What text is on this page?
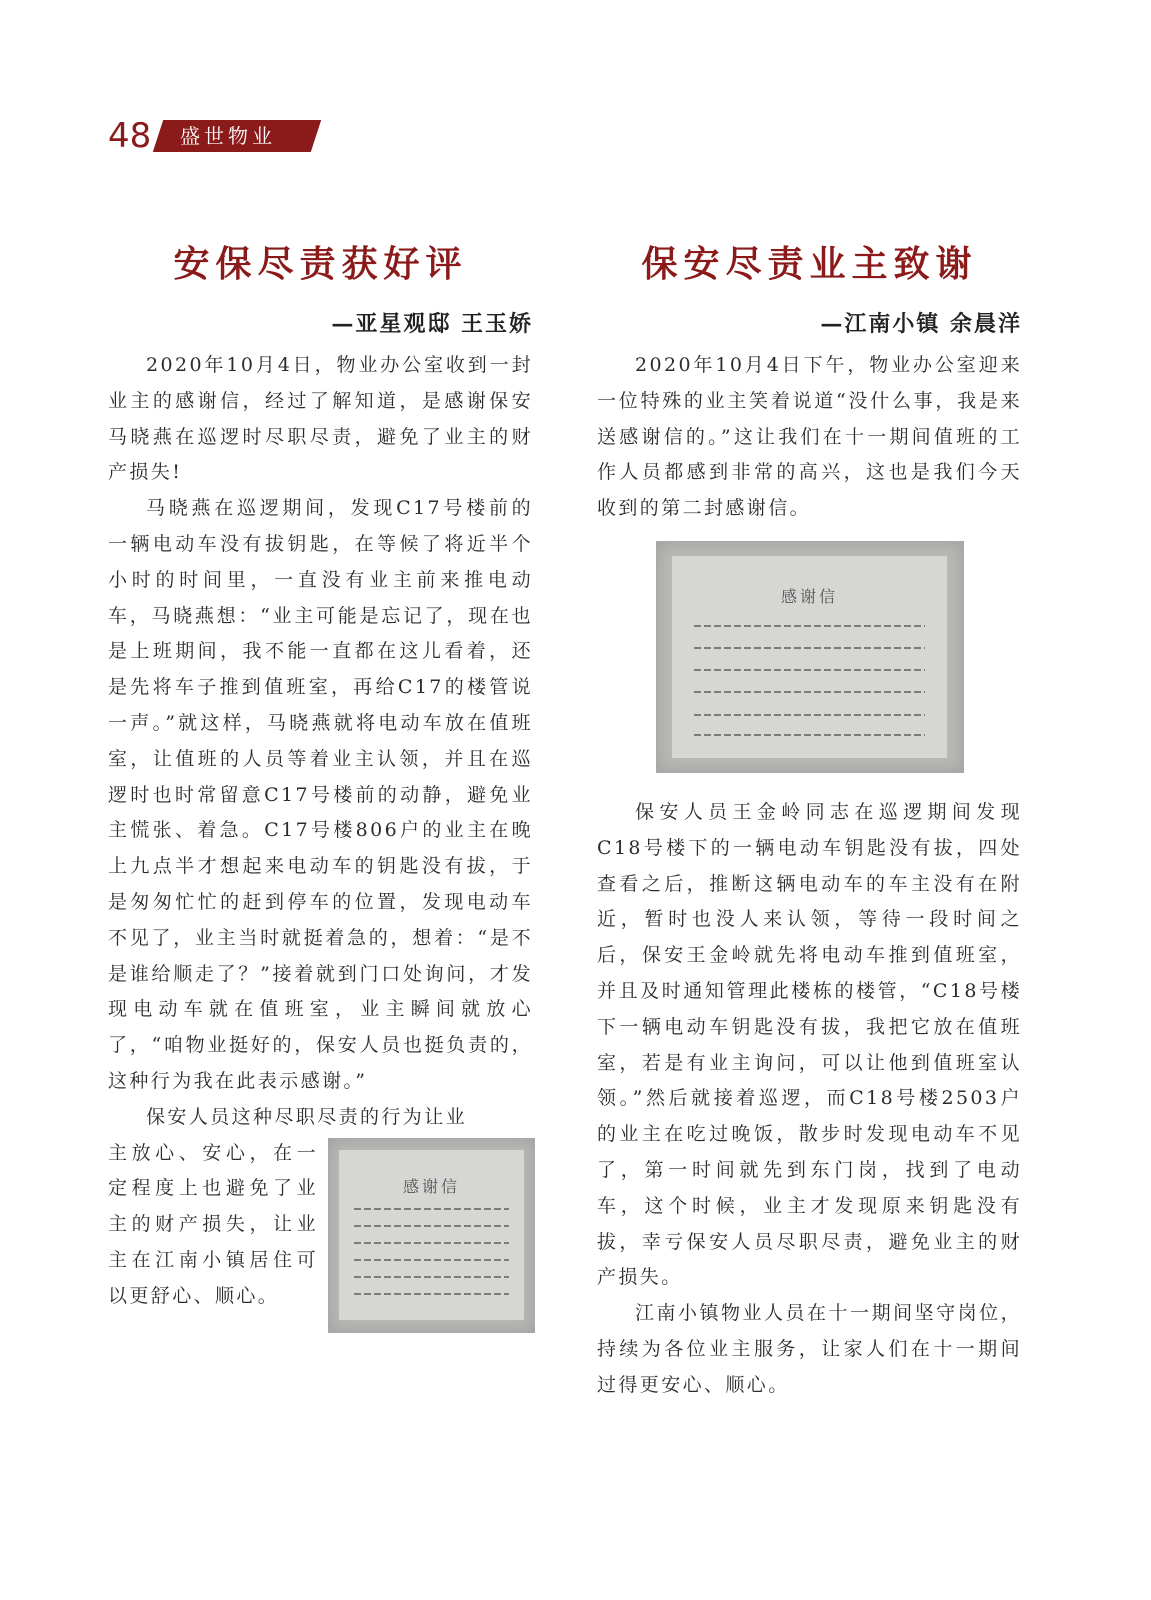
48 盛世物业
安保尽责获好评
—亚星观邸 王玉娇

2020年10月4日，物业办公室收到一封业主的感谢信，经过了解知道，是感谢保安马晓燕在巡逻时尽职尽责，避免了业主的财产损失!

马晓燕在巡逻期间，发现C17号楼前的一辆电动车没有拔钥匙，在等候了将近半个小时的时间里，一直没有业主前来推电动车，马晓燕想：“业主可能是忘记了，现在也是上班期间，我不能一直都在这儿看着，还是先将车子推到值班室，再给C17的楼管说一声。”就这样，马晓燕就将电动车放在值班室，让值班的人员等着业主认领，并且在巡逻时也时常留意C17号楼前的动静，避免业主慌张、着急。C17号楼806户的业主在晚上九点半才想起来电动车的钥匙没有拔，于是匆匆忙忙的赶到停车的位置，发现电动车不见了，业主当时就挺着急的，想着：“是不是谁给顺走了？”接着就到门口处询问，才发现电动车就在值班室，业主瞬间就放心了，“咱物业挺好的，保安人员也挺负责的，这种行为我在此表示感谢。”

保安人员这种尽职尽责的行为让业

主放心、安心，在一定程度上也避免了业主的财产损失，让业主在江南小镇居住可以更舒心、顺心。

感谢信
保安尽责业主致谢
—江南小镇 余晨洋

2020年10月4日下午，物业办公室迎来一位特殊的业主笑着说道“没什么事，我是来送感谢信的。”这让我们在十一期间值班的工作人员都感到非常的高兴，这也是我们今天收到的第二封感谢信。

感谢信

保安人员王金岭同志在巡逻期间发现C18号楼下的一辆电动车钥匙没有拔，四处查看之后，推断这辆电动车的车主没有在附近，暂时也没人来认领，等待一段时间之后，保安王金岭就先将电动车推到值班室，并且及时通知管理此楼栋的楼管，“C18号楼下一辆电动车钥匙没有拔，我把它放在值班室，若是有业主询问，可以让他到值班室认领。”然后就接着巡逻，而C18号楼2503户的业主在吃过晚饭，散步时发现电动车不见了，第一时间就先到东门岗，找到了电动车，这个时候，业主才发现原来钥匙没有拔，幸亏保安人员尽职尽责，避免业主的财产损失。

江南小镇物业人员在十一期间坚守岗位，持续为各位业主服务，让家人们在十一期间过得更安心、顺心。
